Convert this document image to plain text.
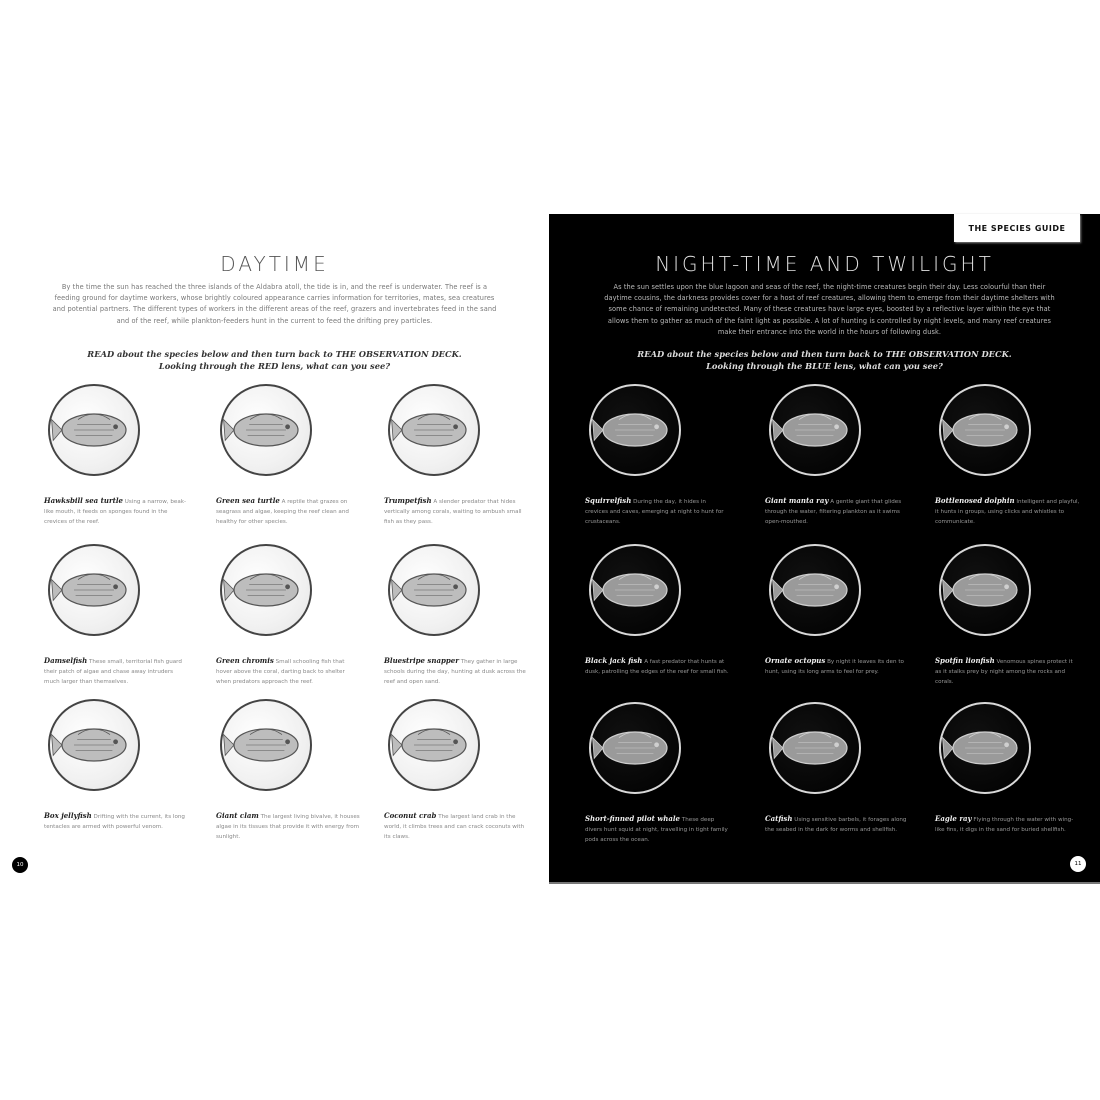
DAYTIME
By the time the sun has reached the three islands of the Aldabra atoll, the tide is in, and the reef is underwater. The reef is a feeding ground for daytime workers, whose brightly coloured appearance carries information for territories, mates, sea creatures and potential partners. The different types of workers in the different areas of the reef, grazers and invertebrates feed in the sand and of the reef, while plankton-feeders hunt in the current to feed the drifting prey particles.
READ about the species below and then turn back to THE OBSERVATION DECK.
Looking through the RED lens, what can you see?
Hawksbill sea turtle Using a narrow, beak-like mouth, it feeds on sponges found in the crevices of the reef.
Green sea turtle A reptile that grazes on seagrass and algae, keeping the reef clean and healthy for other species.
Trumpetfish A slender predator that hides vertically among corals, waiting to ambush small fish as they pass.
Damselfish These small, territorial fish guard their patch of algae and chase away intruders much larger than themselves.
Green chromis Small schooling fish that hover above the coral, darting back to shelter when predators approach the reef.
Bluestripe snapper They gather in large schools during the day, hunting at dusk across the reef and open sand.
Box jellyfish Drifting with the current, its long tentacles are armed with powerful venom.
Giant clam The largest living bivalve, it houses algae in its tissues that provide it with energy from sunlight.
Coconut crab The largest land crab in the world, it climbs trees and can crack coconuts with its claws.
10
THE SPECIES GUIDE
NIGHT-TIME AND TWILIGHT
As the sun settles upon the blue lagoon and seas of the reef, the night-time creatures begin their day. Less colourful than their daytime cousins, the darkness provides cover for a host of reef creatures, allowing them to emerge from their daytime shelters with some chance of remaining undetected. Many of these creatures have large eyes, boosted by a reflective layer within the eye that allows them to gather as much of the faint light as possible. A lot of hunting is controlled by night levels, and many reef creatures make their entrance into the world in the hours of following dusk.
READ about the species below and then turn back to THE OBSERVATION DECK.
Looking through the BLUE lens, what can you see?
Squirrelfish During the day, it hides in crevices and caves, emerging at night to hunt for crustaceans.
Giant manta ray A gentle giant that glides through the water, filtering plankton as it swims open-mouthed.
Bottlenosed dolphin Intelligent and playful, it hunts in groups, using clicks and whistles to communicate.
Black jack fish A fast predator that hunts at dusk, patrolling the edges of the reef for small fish.
Ornate octopus By night it leaves its den to hunt, using its long arms to feel for prey.
Spotfin lionfish Venomous spines protect it as it stalks prey by night among the rocks and corals.
Short-finned pilot whale These deep divers hunt squid at night, travelling in tight family pods across the ocean.
Catfish Using sensitive barbels, it forages along the seabed in the dark for worms and shellfish.
Eagle ray Flying through the water with wing-like fins, it digs in the sand for buried shellfish.
11
